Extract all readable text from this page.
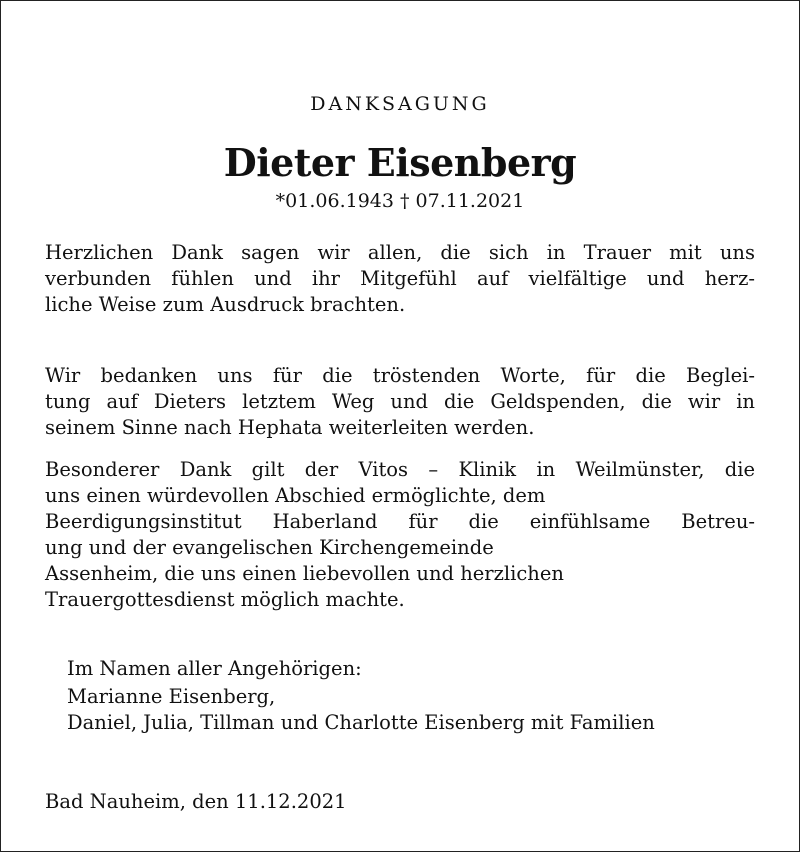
DANKSAGUNG
Dieter Eisenberg
*01.06.1943 † 07.11.2021
Herzlichen Dank sagen wir allen, die sich in Trauer mit uns
verbunden fühlen und ihr Mitgefühl auf vielfältige und herz-
liche Weise zum Ausdruck brachten.
Wir bedanken uns für die tröstenden Worte, für die Beglei-
tung auf Dieters letztem Weg und die Geldspenden, die wir in
seinem Sinne nach Hephata weiterleiten werden.
Besonderer Dank gilt der Vitos – Klinik in Weilmünster, die
uns einen würdevollen Abschied ermöglichte, dem
Beerdigungsinstitut Haberland für die einfühlsame Betreu-
ung und der evangelischen Kirchengemeinde
Assenheim, die uns einen liebevollen und herzlichen
Trauergottesdienst möglich machte.
Im Namen aller Angehörigen:
Marianne Eisenberg,
Daniel, Julia, Tillman und Charlotte Eisenberg mit Familien
Bad Nauheim, den 11.12.2021
